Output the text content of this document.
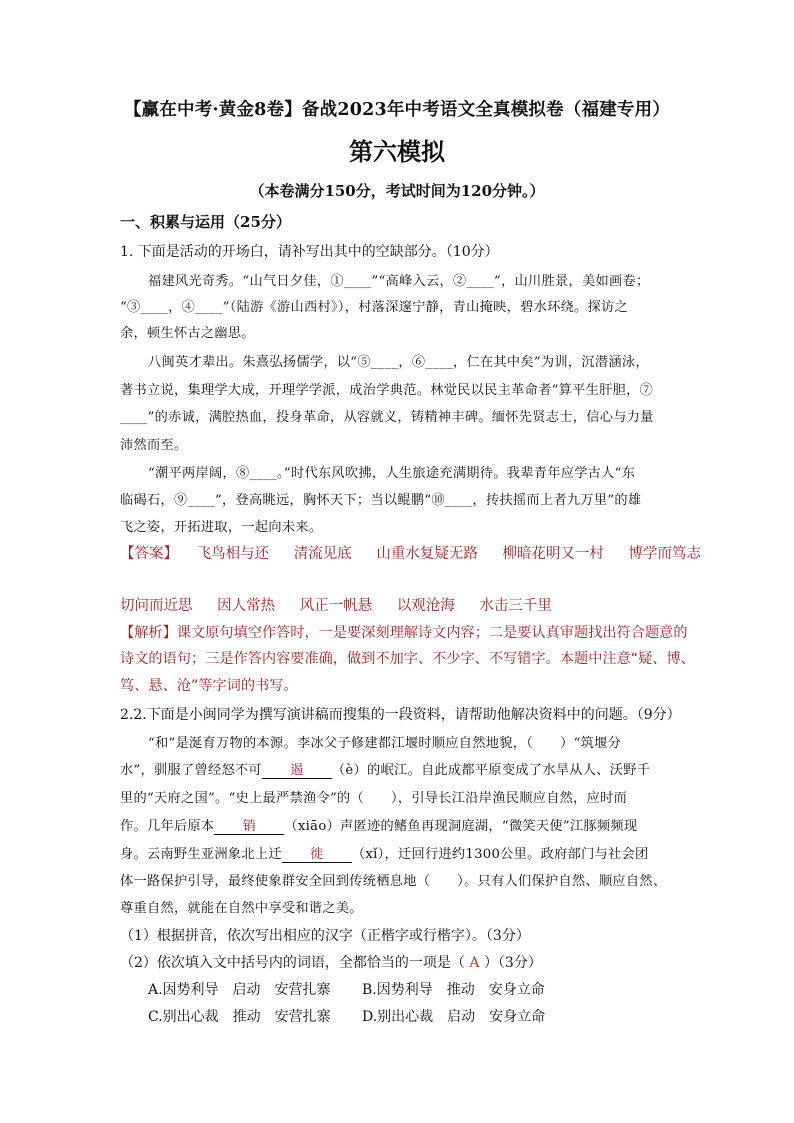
【赢在中考·黄金8卷】备战2023年中考语文全真模拟卷（福建专用）
第六模拟
（本卷满分150分，考试时间为120分钟。）
一、积累与运用（25分）
1. 下面是活动的开场白，请补写出其中的空缺部分。（10分）
福建风光奇秀。“山气日夕佳，①____”“高峰入云，②____”，山川胜景，美如画卷；
“③____，④____”（陆游《游山西村》），村落深邃宁静，青山掩映，碧水环绕。探访之
余，顿生怀古之幽思。
八闽英才辈出。朱熹弘扬儒学，以“⑤____，⑥____，仁在其中矣”为训，沉潜涵泳，
著书立说，集理学大成，开理学学派，成治学典范。林觉民以民主革命者“算平生肝胆，⑦
____”的赤诚，满腔热血，投身革命，从容就义，铸精神丰碑。缅怀先贤志士，信心与力量
沛然而至。
“潮平两岸阔，⑧____。”时代东风吹拂，人生旅途充满期待。我辈青年应学古人“东
临碣石，⑨____”，登高眺远，胸怀天下；当以鲲鹏“⑩____，抟扶摇而上者九万里”的雄
飞之姿，开拓进取，一起向未来。
【答案】 飞鸟相与还 清流见底 山重水复疑无路 柳暗花明又一村 博学而笃志
切问而近思 因人常热 风正一帆悬 以观沧海 水击三千里
【解析】课文原句填空作答时，一是要深刻理解诗文内容；二是要认真审题找出符合题意的
诗文的语句；三是作答内容要准确，做到不加字、不少字、不写错字。本题中注意“疑、博、
笃、悬、沧”等字词的书写。
2.2.下面是小闽同学为撰写演讲稿而搜集的一段资料，请帮助他解决资料中的问题。（9分）
“和”是涎育万物的本源。李冰父子修建都江堰时顺应自然地貌，（　　）“筑堰分
水”，驯服了曾经怒不可 遏 （è）的岷江。自此成都平原变成了水旱从人、沃野千
里的“天府之国”。“史上最严禁渔令”的（　　），引导长江沿岸渔民顺应自然，应时而
作。几年后原本 销 （xiāo）声匿迹的鳍鱼再现洞庭湖，“微笑天使”江豚频频现
身。云南野生亚洲象北上迁 徙 （xǐ），迁回行进约1300公里。政府部门与社会团
体一路保护引导，最终使象群安全回到传统栖息地（　　）。只有人们保护自然、顺应自然、
尊重自然，就能在自然中享受和谐之美。
（1）根据拼音，依次写出相应的汉字（正楷字或行楷字）。（3分）
（2）依次填入文中括号内的词语，全都恰当的一项是（ A ）（3分）
A.因势利导　启动　安营扎寨 B.因势利导　推动　安身立命
C.别出心裁　推动　安营扎寨 D.别出心裁　启动　安身立命
